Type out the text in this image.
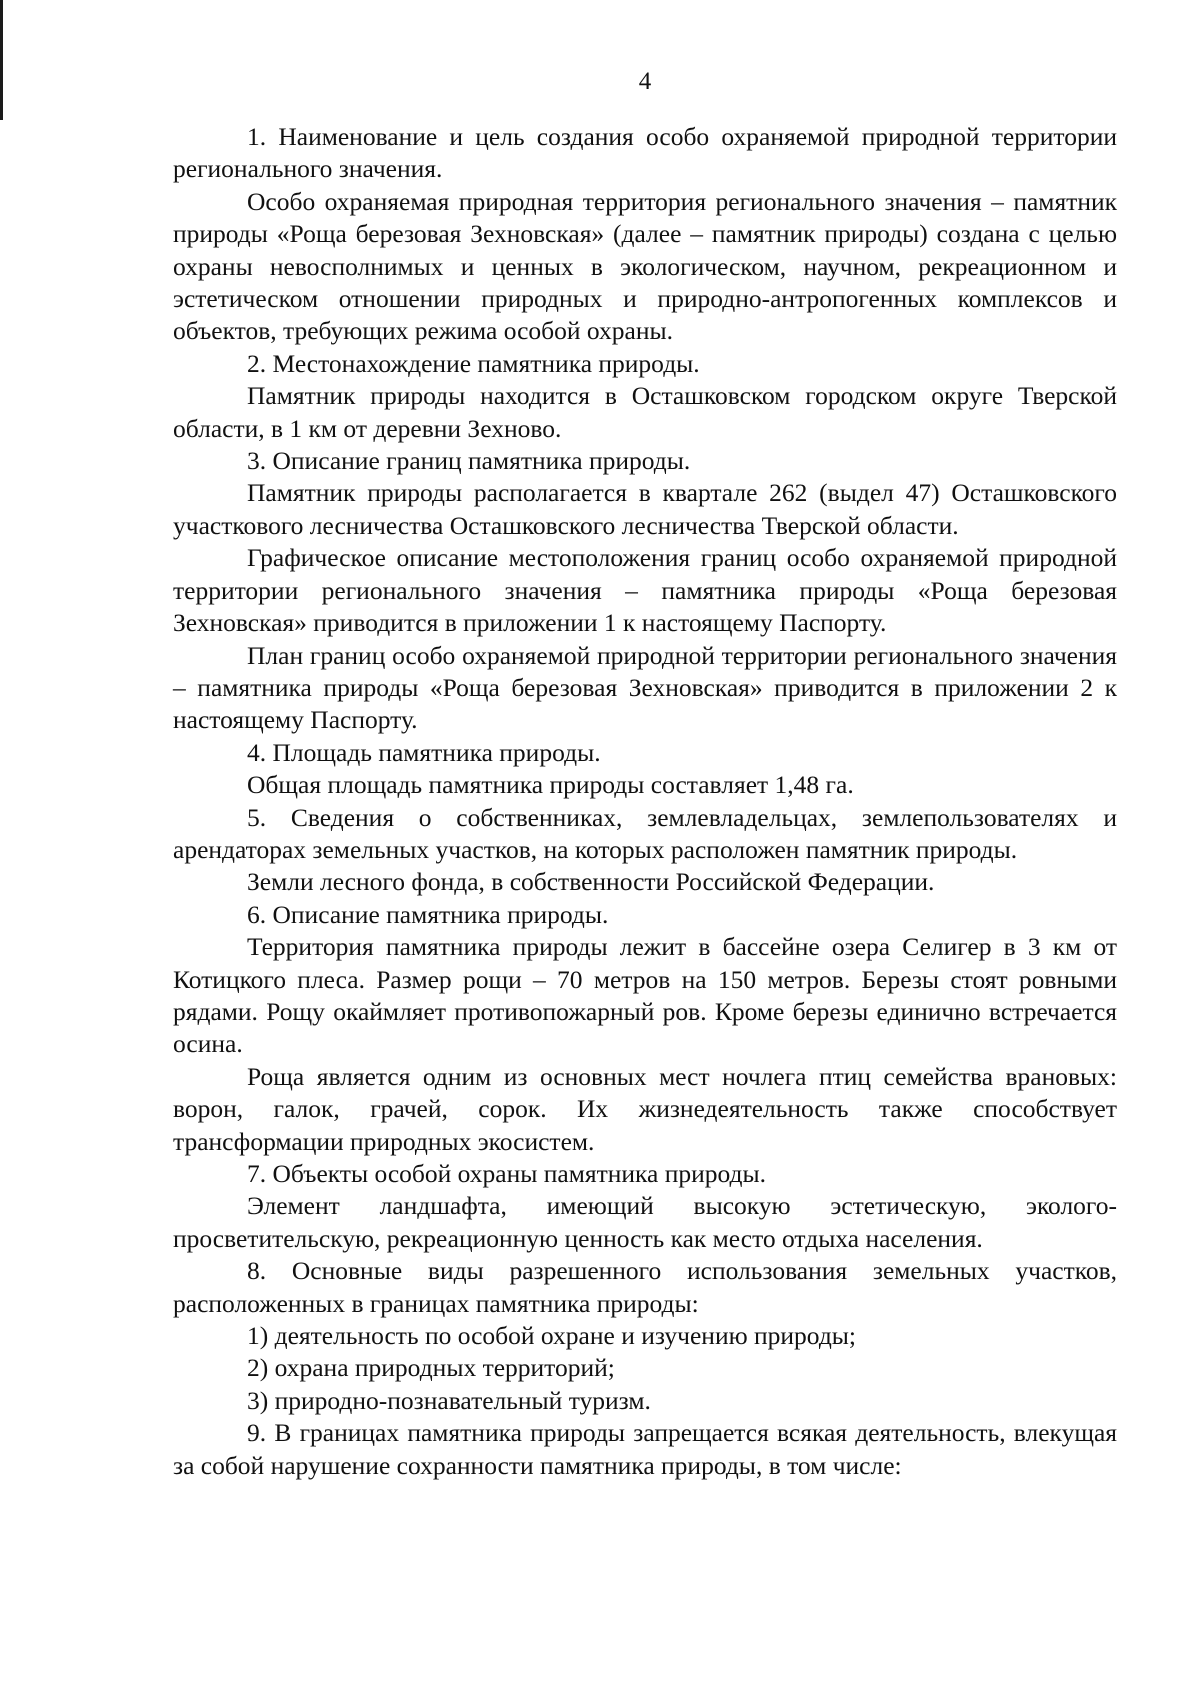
4

1. Наименование и цель создания особо охраняемой природной территории регионального значения.

Особо охраняемая природная территория регионального значения – памятник природы «Роща березовая Зехновская» (далее – памятник природы) создана с целью охраны невосполнимых и ценных в экологическом, научном, рекреационном и эстетическом отношении природных и природно-антропогенных комплексов и объектов, требующих режима особой охраны.

2. Местонахождение памятника природы.

Памятник природы находится в Осташковском городском округе Тверской области, в 1 км от деревни Зехново.

3. Описание границ памятника природы.

Памятник природы располагается в квартале 262 (выдел 47) Осташковского участкового лесничества Осташковского лесничества Тверской области.

Графическое описание местоположения границ особо охраняемой природной территории регионального значения – памятника природы «Роща березовая Зехновская» приводится в приложении 1 к настоящему Паспорту.

План границ особо охраняемой природной территории регионального значения – памятника природы «Роща березовая Зехновская» приводится в приложении 2 к настоящему Паспорту.

4. Площадь памятника природы.

Общая площадь памятника природы составляет 1,48 га.

5. Сведения о собственниках, землевладельцах, землепользователях и арендаторах земельных участков, на которых расположен памятник природы.

Земли лесного фонда, в собственности Российской Федерации.

6. Описание памятника природы.

Территория памятника природы лежит в бассейне озера Селигер в 3 км от Котицкого плеса. Размер рощи – 70 метров на 150 метров. Березы стоят ровными рядами. Рощу окаймляет противопожарный ров. Кроме березы единично встречается осина.

Роща является одним из основных мест ночлега птиц семейства врановых: ворон, галок, грачей, сорок. Их жизнедеятельность также способствует трансформации природных экосистем.

7. Объекты особой охраны памятника природы.

Элемент ландшафта, имеющий высокую эстетическую, эколого-просветительскую, рекреационную ценность как место отдыха населения.

8. Основные виды разрешенного использования земельных участков, расположенных в границах памятника природы:

1) деятельность по особой охране и изучению природы;

2) охрана природных территорий;

3) природно-познавательный туризм.

9. В границах памятника природы запрещается всякая деятельность, влекущая за собой нарушение сохранности памятника природы, в том числе:
